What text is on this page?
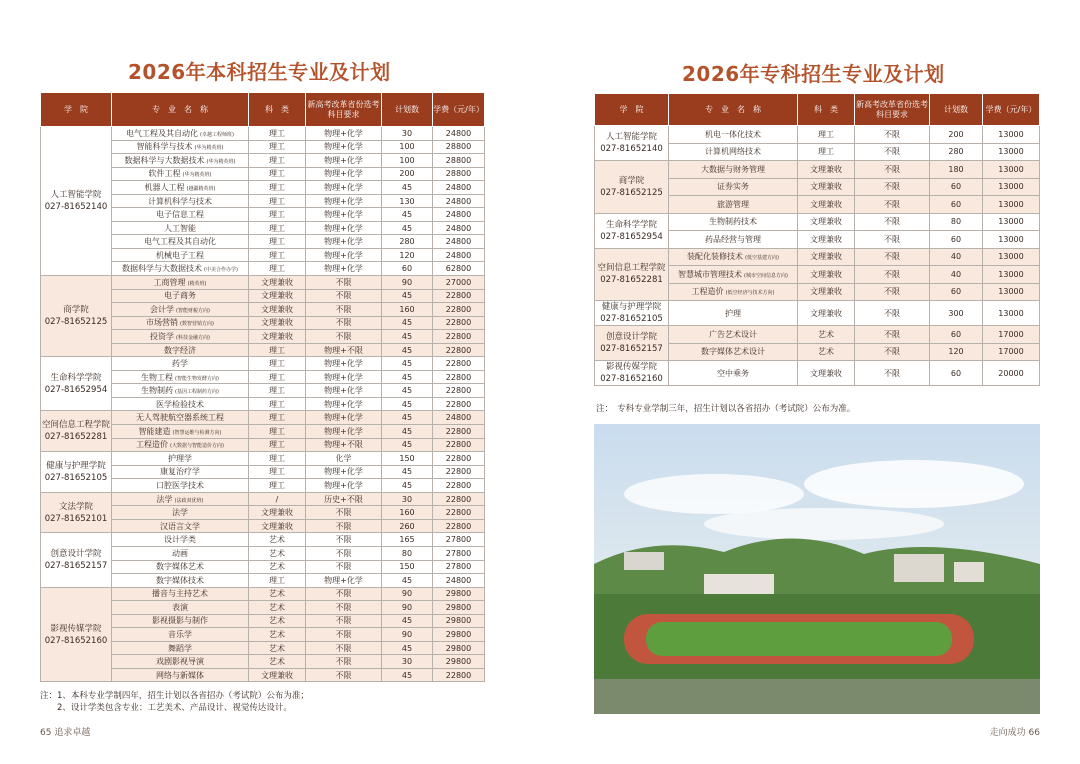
2026年本科招生专业及计划
学　院	专　业　名　称	科　类	新高考改革省份选考科目要求	计划数	学费（元/年）

人工智能学院
027-81652140	电气工程及其自动化 (卓越工程师班)	理工	物理+化学	30	24800
	智能科学与技术 (华为精英班)	理工	物理+化学	100	28800
	数据科学与大数据技术 (华为精英班)	理工	物理+化学	100	28800
	软件工程 (华为精英班)	理工	物理+化学	200	28800
	机器人工程 (越疆精英班)	理工	物理+化学	45	24800
	计算机科学与技术	理工	物理+化学	130	24800
	电子信息工程	理工	物理+化学	45	24800
	人工智能	理工	物理+化学	45	24800
	电气工程及其自动化	理工	物理+化学	280	24800
	机械电子工程	理工	物理+化学	120	24800
	数据科学与大数据技术 (中美合作办学)	理工	物理+化学	60	62800

商学院
027-81652125	工商管理 (精英班)	文理兼收	不限	90	27000
	电子商务	文理兼收	不限	45	22800
	会计学 (智能财税方向)	文理兼收	不限	160	22800
	市场营销 (数智营销方向)	文理兼收	不限	45	22800
	投资学 (科技金融方向)	文理兼收	不限	45	22800
	数字经济	理工	物理+不限	45	22800

生命科学学院
027-81652954	药学	理工	物理+化学	45	22800
	生物工程 (智能生物发酵方向)	理工	物理+化学	45	22800
	生物制药 (基因工程制药方向)	理工	物理+化学	45	22800
	医学检验技术	理工	物理+化学	45	22800

空间信息工程学院
027-81652281	无人驾驶航空器系统工程	理工	物理+化学	45	24800
	智能建造 (智慧运维与检测方向)	理工	物理+化学	45	22800
	工程造价 (大数据与智能造价方向)	理工	物理+不限	45	22800

健康与护理学院
027-81652105	护理学	理工	化学	150	22800
	康复治疗学	理工	物理+化学	45	22800
	口腔医学技术	理工	物理+化学	45	22800

文法学院
027-81652101	法学 (法政双优班)	/	历史+不限	30	22800
	法学	文理兼收	不限	160	22800
	汉语言文学	文理兼收	不限	260	22800

创意设计学院
027-81652157	设计学类	艺术	不限	165	27800
	动画	艺术	不限	80	27800
	数字媒体艺术	艺术	不限	150	27800
	数字媒体技术	理工	物理+化学	45	24800

影视传媒学院
027-81652160	播音与主持艺术	艺术	不限	90	29800
	表演	艺术	不限	90	29800
	影视摄影与制作	艺术	不限	45	29800
	音乐学	艺术	不限	90	29800
	舞蹈学	艺术	不限	45	29800
	戏剧影视导演	艺术	不限	30	29800
	网络与新媒体	文理兼收	不限	45	22800
注：1、本科专业学制四年，招生计划以各省招办（考试院）公布为准；
　　2、设计学类包含专业：工艺美术、产品设计、视觉传达设计。
65 追求卓越
2026年专科招生专业及计划
学　院	专　业　名　称	科　类	新高考改革省份选考科目要求	计划数	学费（元/年）

人工智能学院
027-81652140	机电一体化技术	理工	不限	200	13000
	计算机网络技术	理工	不限	280	13000

商学院
027-81652125	大数据与财务管理	文理兼收	不限	180	13000
	证券实务	文理兼收	不限	60	13000
	旅游管理	文理兼收	不限	60	13000

生命科学学院
027-81652954	生物制药技术	文理兼收	不限	80	13000
	药品经营与管理	文理兼收	不限	60	13000

空间信息工程学院
027-81652281	装配化装修技术 (低空基建方向)	文理兼收	不限	40	13000
	智慧城市管理技术 (城市空间信息方向)	文理兼收	不限	40	13000
	工程造价 (低空经济与技术方向)	文理兼收	不限	60	13000

健康与护理学院
027-81652105	护理	文理兼收	不限	300	13000

创意设计学院
027-81652157	广告艺术设计	艺术	不限	60	17000
	数字媒体艺术设计	艺术	不限	120	17000

影视传媒学院
027-81652160	空中乘务	文理兼收	不限	60	20000
注：　专科专业学制三年，招生计划以各省招办（考试院）公布为准。
走向成功 66
